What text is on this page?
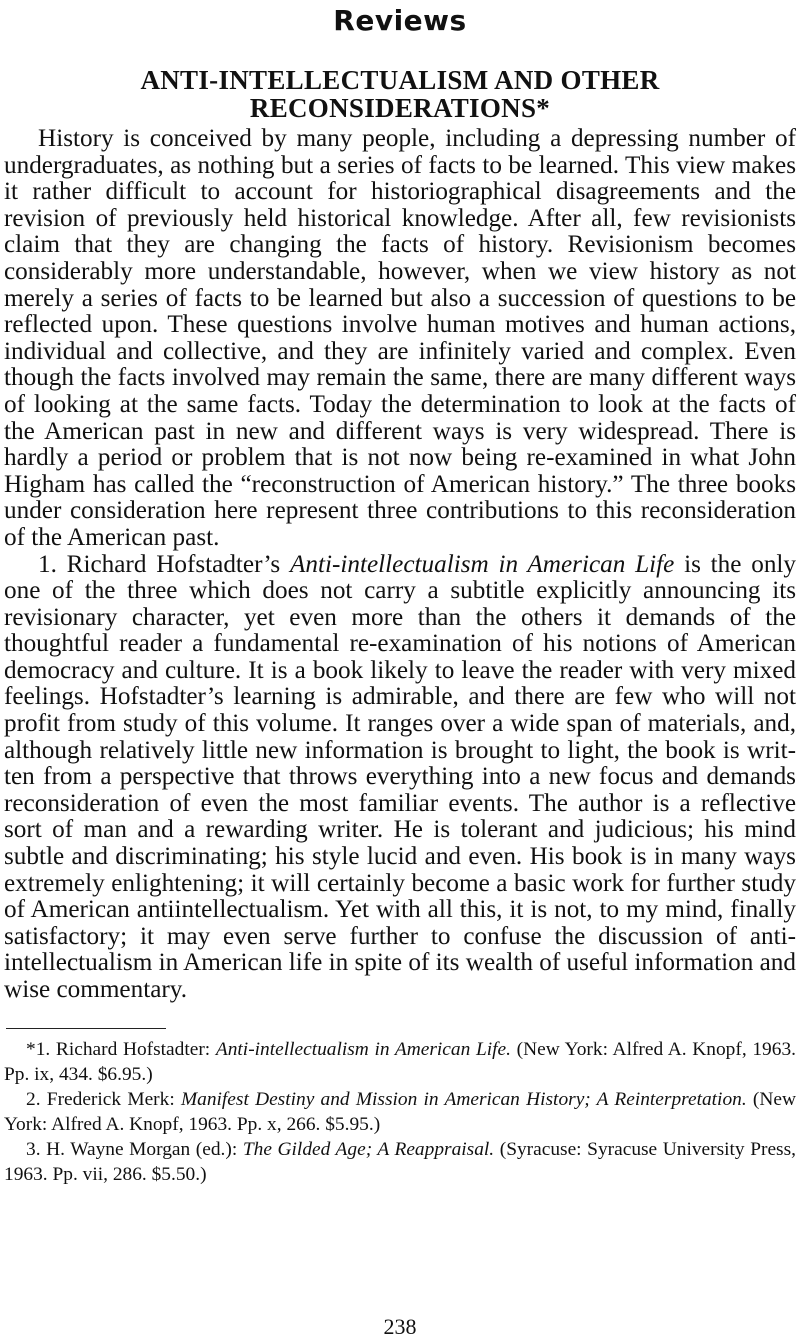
Reviews
ANTI-INTELLECTUALISM AND OTHER
RECONSIDERATIONS*

History is conceived by many people, including a depressing number of undergraduates, as nothing but a series of facts to be learned. This view makes it rather difficult to account for historiographical disagreements and the revision of previously held historical knowledge. After all, few revisionists claim that they are changing the facts of history. Revisionism becomes considerably more understandable, however, when we view history as not merely a series of facts to be learned but also a succession of questions to be reflected upon. These questions involve human motives and human actions, individual and collective, and they are infinitely varied and complex. Even though the facts involved may remain the same, there are many different ways of looking at the same facts. Today the determination to look at the facts of the American past in new and different ways is very widespread. There is hardly a period or problem that is not now being re-examined in what John Higham has called the “reconstruction of American history.” The three books under consideration here represent three contributions to this reconsideration of the American past.

1. Richard Hofstadter’s Anti-intellectualism in American Life is the only one of the three which does not carry a subtitle explicitly announcing its revisionary character, yet even more than the others it demands of the thoughtful reader a fundamental re-examination of his notions of American democracy and culture. It is a book likely to leave the reader with very mixed feelings. Hofstadter’s learning is admirable, and there are few who will not profit from study of this volume. It ranges over a wide span of materials, and, although relatively little new information is brought to light, the book is written from a perspective that throws everything into a new focus and demands reconsideration of even the most familiar events. The author is a reflective sort of man and a rewarding writer. He is tolerant and judicious; his mind subtle and discriminating; his style lucid and even. His book is in many ways extremely enlightening; it will certainly become a basic work for further study of American antiintellectualism. Yet with all this, it is not, to my mind, finally satisfactory; it may even serve further to confuse the discussion of antiintellectualism in American life in spite of its wealth of useful information and wise commentary.

*1. Richard Hofstadter: Anti-intellectualism in American Life. (New York: Alfred A. Knopf, 1963. Pp. ix, 434. $6.95.)

2. Frederick Merk: Manifest Destiny and Mission in American History; A Reinterpretation. (New York: Alfred A. Knopf, 1963. Pp. x, 266. $5.95.)

3. H. Wayne Morgan (ed.): The Gilded Age; A Reappraisal. (Syracuse: Syracuse University Press, 1963. Pp. vii, 286. $5.50.)

238
